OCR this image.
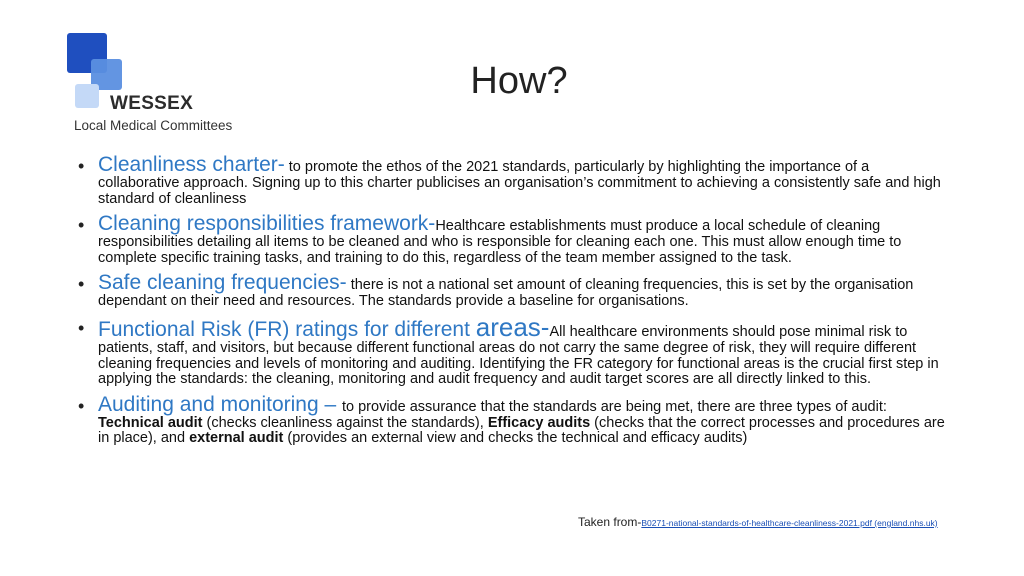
WESSEX
Local Medical Committees
How?
• Cleanliness charter- to promote the ethos of the 2021 standards, particularly by highlighting the importance of a collaborative approach. Signing up to this charter publicises an organisation’s commitment to achieving a consistently safe and high standard of cleanliness
• Cleaning responsibilities framework-Healthcare establishments must produce a local schedule of cleaning responsibilities detailing all items to be cleaned and who is responsible for cleaning each one. This must allow enough time to complete specific training tasks, and training to do this, regardless of the team member assigned to the task.
• Safe cleaning frequencies- there is not a national set amount of cleaning frequencies, this is set by the organisation dependant on their need and resources. The standards provide a baseline for organisations.
• Functional Risk (FR) ratings for different areas-All healthcare environments should pose minimal risk to patients, staff, and visitors, but because different functional areas do not carry the same degree of risk, they will require different cleaning frequencies and levels of monitoring and auditing. Identifying the FR category for functional areas is the crucial first step in applying the standards: the cleaning, monitoring and audit frequency and audit target scores are all directly linked to this.
• Auditing and monitoring – to provide assurance that the standards are being met, there are three types of audit: Technical audit (checks cleanliness against the standards), Efficacy audits (checks that the correct processes and procedures are in place), and external audit (provides an external view and checks the technical and efficacy audits)
Taken from-B0271-national-standards-of-healthcare-cleanliness-2021.pdf (england.nhs.uk)
